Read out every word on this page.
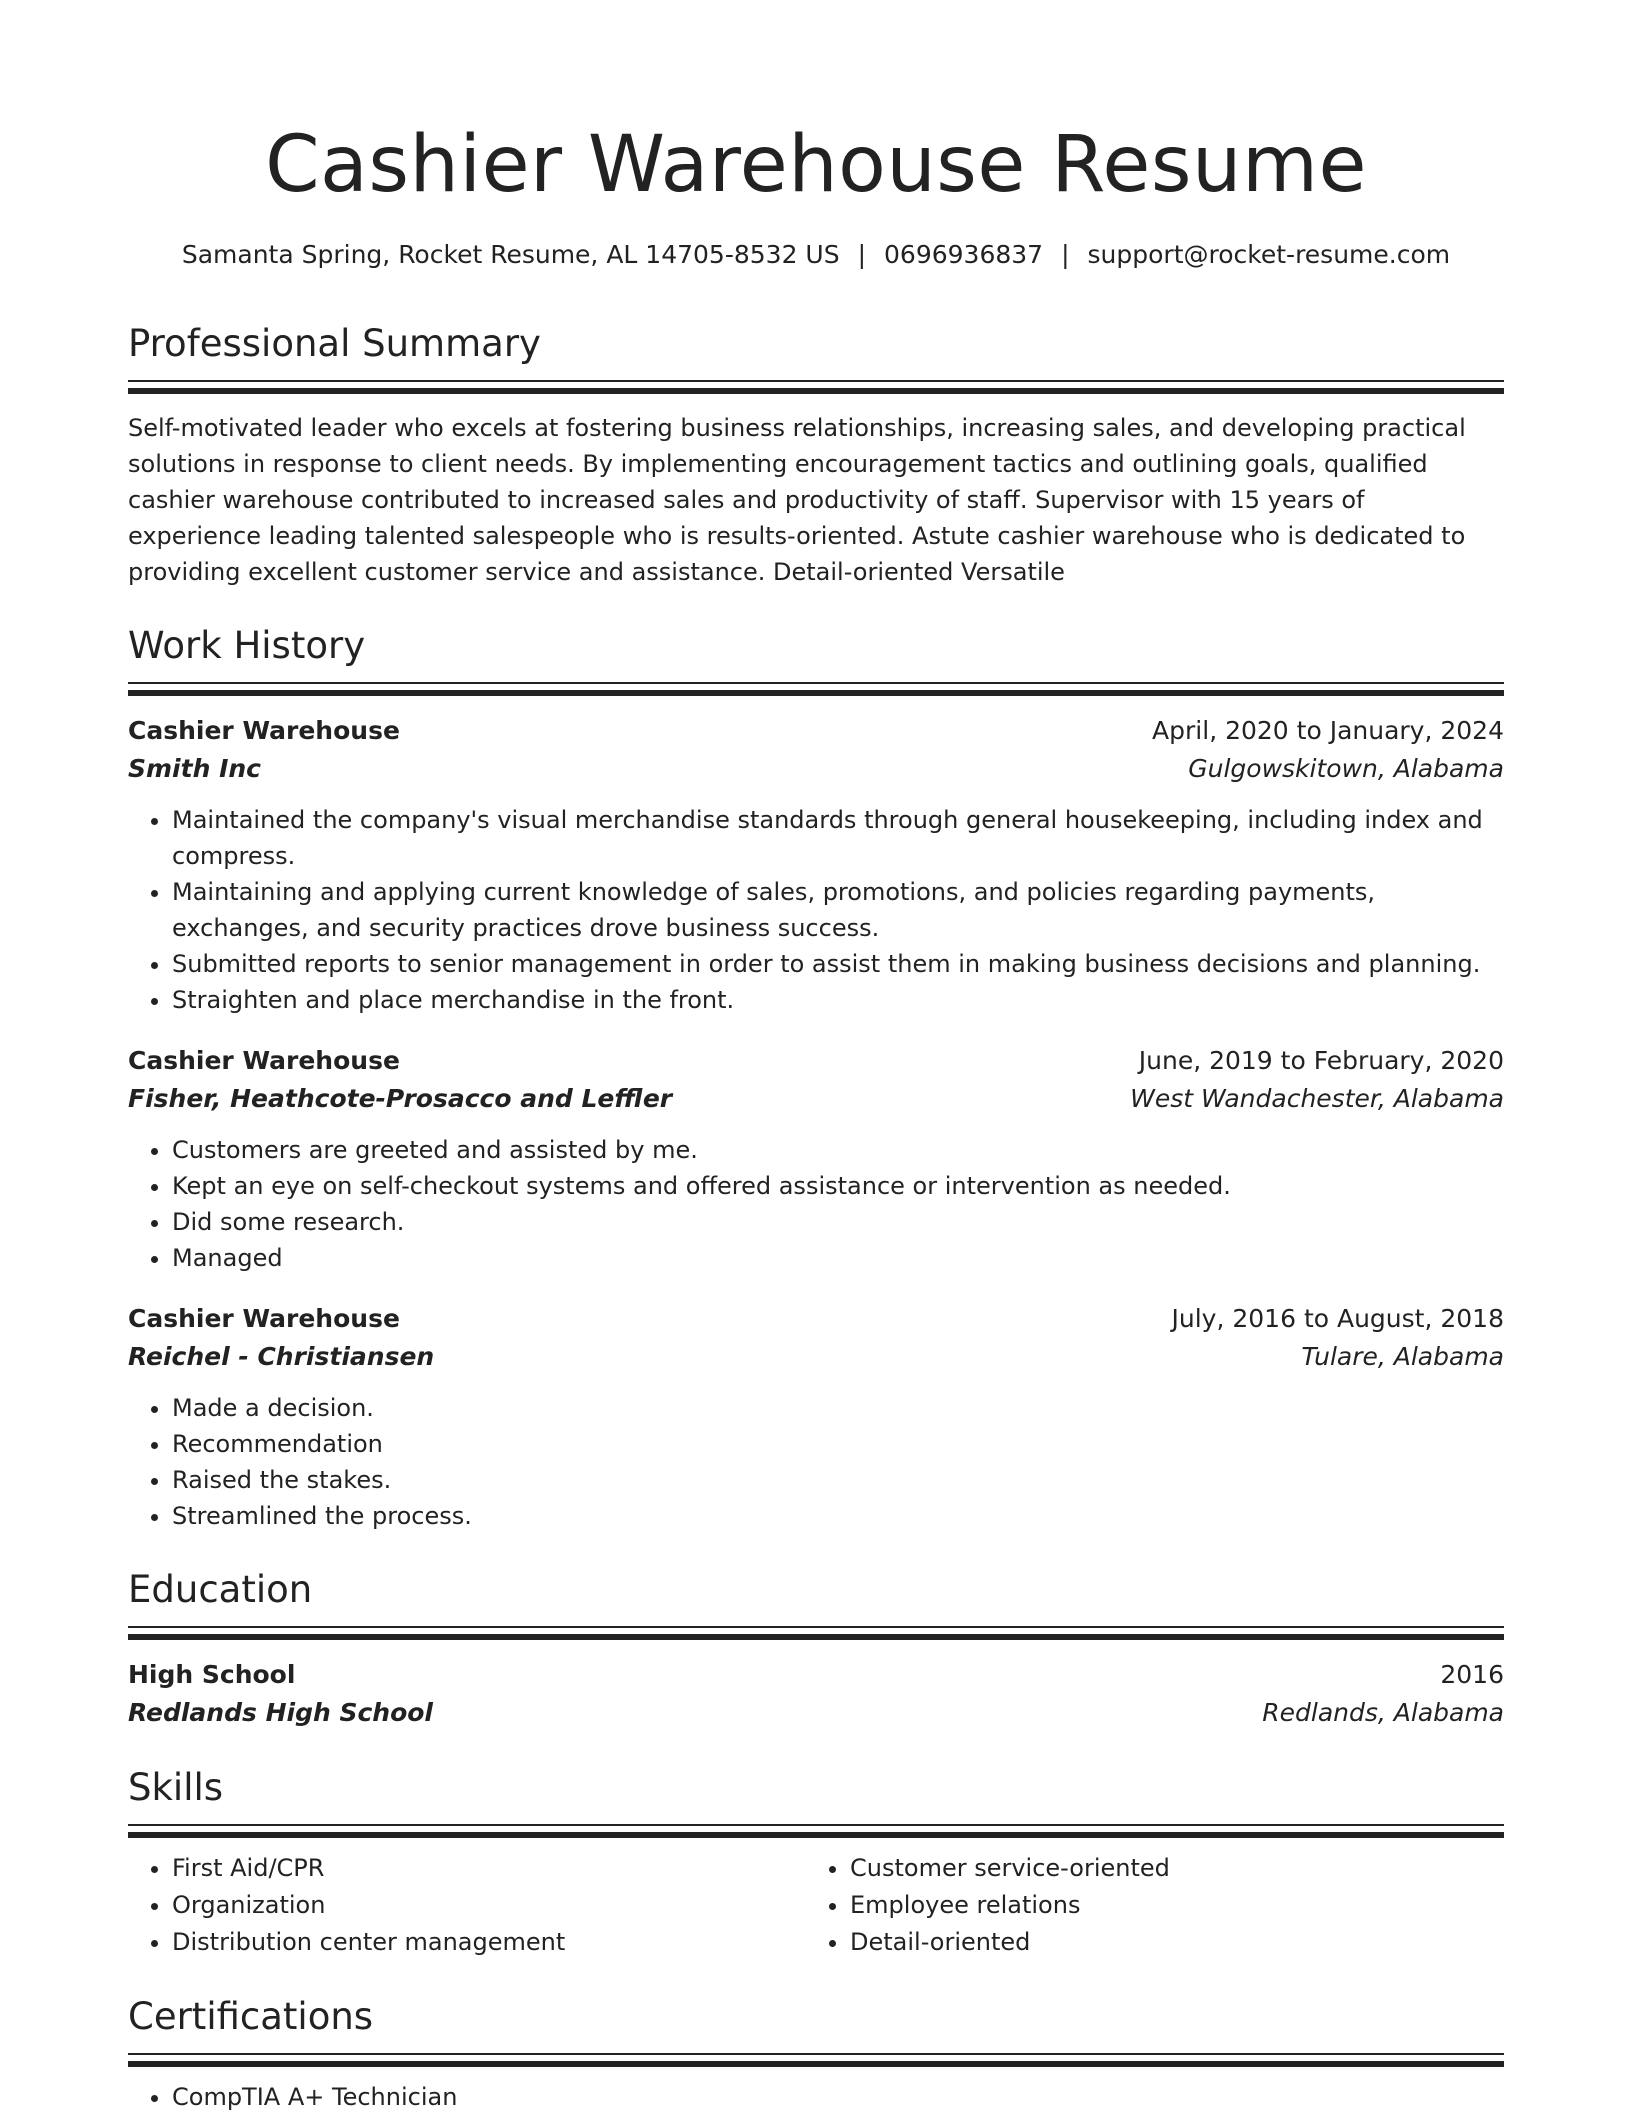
Cashier Warehouse Resume
Samanta Spring, Rocket Resume, AL 14705-8532 US | 0696936837 | support@rocket-resume.com
Professional Summary

Self-motivated leader who excels at fostering business relationships, increasing sales, and developing practical solutions in response to client needs. By implementing encouragement tactics and outlining goals, qualified cashier warehouse contributed to increased sales and productivity of staff. Supervisor with 15 years of experience leading talented salespeople who is results-oriented. Astute cashier warehouse who is dedicated to providing excellent customer service and assistance. Detail-oriented Versatile

Work History
Cashier Warehouse	April, 2020 to January, 2024
Smith Inc	Gulgowskitown, Alabama
• Maintained the company's visual merchandise standards through general housekeeping, including index and compress.
• Maintaining and applying current knowledge of sales, promotions, and policies regarding payments, exchanges, and security practices drove business success.
• Submitted reports to senior management in order to assist them in making business decisions and planning.
• Straighten and place merchandise in the front.
Cashier Warehouse	June, 2019 to February, 2020
Fisher, Heathcote-Prosacco and Leffler	West Wandachester, Alabama
• Customers are greeted and assisted by me.
• Kept an eye on self-checkout systems and offered assistance or intervention as needed.
• Did some research.
• Managed
Cashier Warehouse	July, 2016 to August, 2018
Reichel - Christiansen	Tulare, Alabama
• Made a decision.
• Recommendation
• Raised the stakes.
• Streamlined the process.
Education
High School	2016
Redlands High School	Redlands, Alabama
Skills
• First Aid/CPR
• Organization
• Distribution center management
• Customer service-oriented
• Employee relations
• Detail-oriented
Certifications
• CompTIA A+ Technician
